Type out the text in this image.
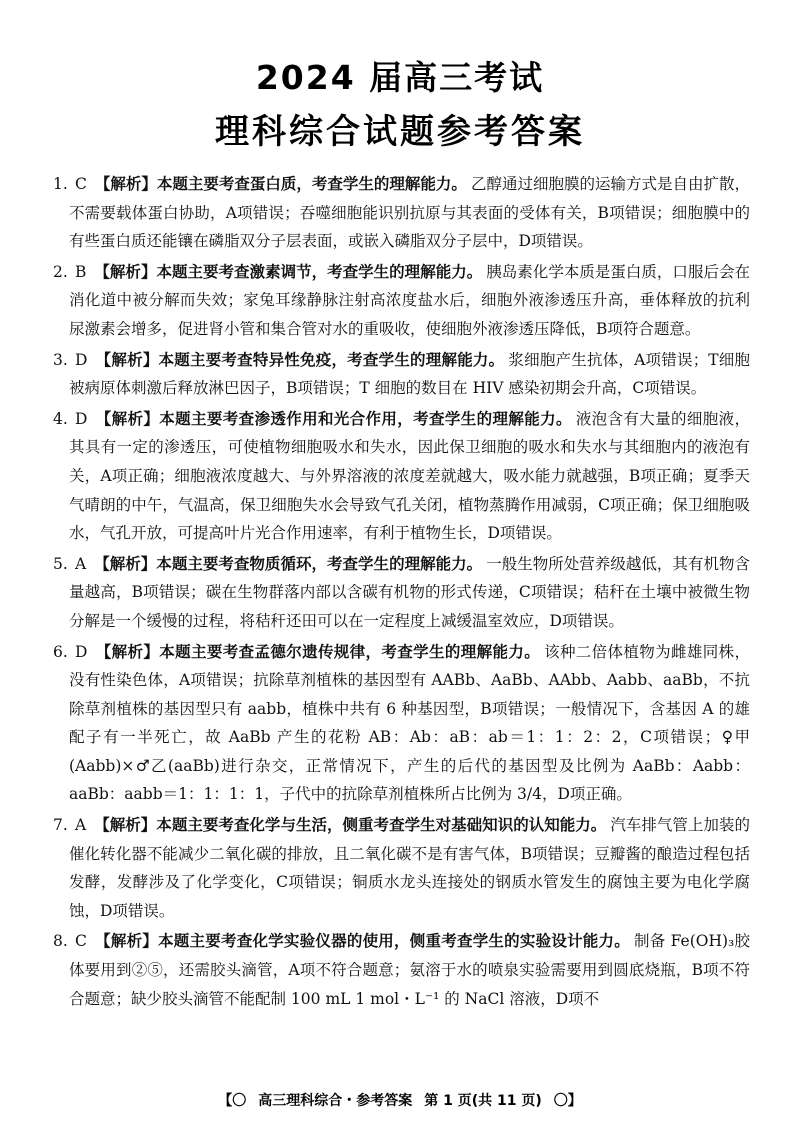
2024 届高三考试
理科综合试题参考答案
1. C 【解析】本题主要考查蛋白质，考查学生的理解能力。 乙醇通过细胞膜的运输方式是自由扩散，不需要载体蛋白协助，A项错误；吞噬细胞能识别抗原与其表面的受体有关，B项错误；细胞膜中的有些蛋白质还能镶在磷脂双分子层表面，或嵌入磷脂双分子层中，D项错误。
2. B 【解析】本题主要考查激素调节，考查学生的理解能力。 胰岛素化学本质是蛋白质，口服后会在消化道中被分解而失效；家兔耳缘静脉注射高浓度盐水后，细胞外液渗透压升高，垂体释放的抗利尿激素会增多，促进肾小管和集合管对水的重吸收，使细胞外液渗透压降低，B项符合题意。
3. D 【解析】本题主要考查特异性免疫，考查学生的理解能力。 浆细胞产生抗体，A项错误；T细胞被病原体刺激后释放淋巴因子，B项错误；T 细胞的数目在 HIV 感染初期会升高，C项错误。
4. D 【解析】本题主要考查渗透作用和光合作用，考查学生的理解能力。 液泡含有大量的细胞液，其具有一定的渗透压，可使植物细胞吸水和失水，因此保卫细胞的吸水和失水与其细胞内的液泡有关，A项正确；细胞液浓度越大、与外界溶液的浓度差就越大，吸水能力就越强，B项正确；夏季天气晴朗的中午，气温高，保卫细胞失水会导致气孔关闭，植物蒸腾作用减弱，C项正确；保卫细胞吸水，气孔开放，可提高叶片光合作用速率，有利于植物生长，D项错误。
5. A 【解析】本题主要考查物质循环，考查学生的理解能力。 一般生物所处营养级越低，其有机物含量越高，B项错误；碳在生物群落内部以含碳有机物的形式传递，C项错误；秸秆在土壤中被微生物分解是一个缓慢的过程，将秸秆还田可以在一定程度上减缓温室效应，D项错误。
6. D 【解析】本题主要考查孟德尔遗传规律，考查学生的理解能力。 该种二倍体植物为雌雄同株，没有性染色体，A项错误；抗除草剂植株的基因型有 AABb、AaBb、AAbb、Aabb、aaBb，不抗除草剂植株的基因型只有 aabb，植株中共有 6 种基因型，B项错误；一般情况下，含基因 A 的雄配子有一半死亡，故 AaBb 产生的花粉 AB：Ab：aB：ab＝1：1：2：2，C项错误；♀甲(Aabb)×♂乙(aaBb)进行杂交，正常情况下，产生的后代的基因型及比例为 AaBb：Aabb：aaBb：aabb＝1：1：1：1，子代中的抗除草剂植株所占比例为 3/4，D项正确。
7. A 【解析】本题主要考查化学与生活，侧重考查学生对基础知识的认知能力。 汽车排气管上加装的催化转化器不能减少二氧化碳的排放，且二氧化碳不是有害气体，B项错误；豆瓣酱的酿造过程包括发酵，发酵涉及了化学变化，C项错误；铜质水龙头连接处的钢质水管发生的腐蚀主要为电化学腐蚀，D项错误。
8. C 【解析】本题主要考查化学实验仪器的使用，侧重考查学生的实验设计能力。 制备 Fe(OH)₃胶体要用到②⑤，还需胶头滴管，A项不符合题意；氨溶于水的喷泉实验需要用到圆底烧瓶，B项不符合题意；缺少胶头滴管不能配制 100 mL 1 mol・L⁻¹ 的 NaCl 溶液，D项不
【〇 高三理科综合・参考答案 第 1 页(共 11 页) 〇】
